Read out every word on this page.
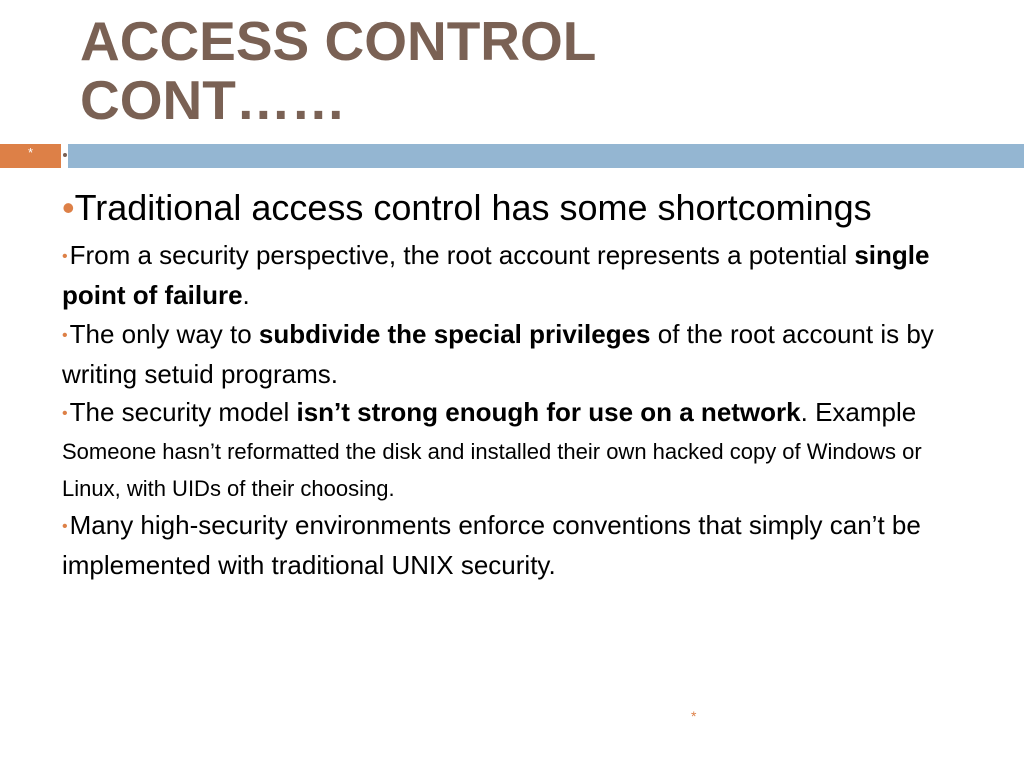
ACCESS CONTROL
CONT……
*

•Traditional access control has some shortcomings

•From a security perspective, the root account represents a potential single point of failure.

•The only way to subdivide the special privileges of the root account is by writing setuid programs.

•The security model isn’t strong enough for use on a network. Example Someone hasn’t reformatted the disk and installed their own hacked copy of Windows or Linux, with UIDs of their choosing.

•Many high-security environments enforce conventions that simply can’t be implemented with traditional UNIX security.

*
